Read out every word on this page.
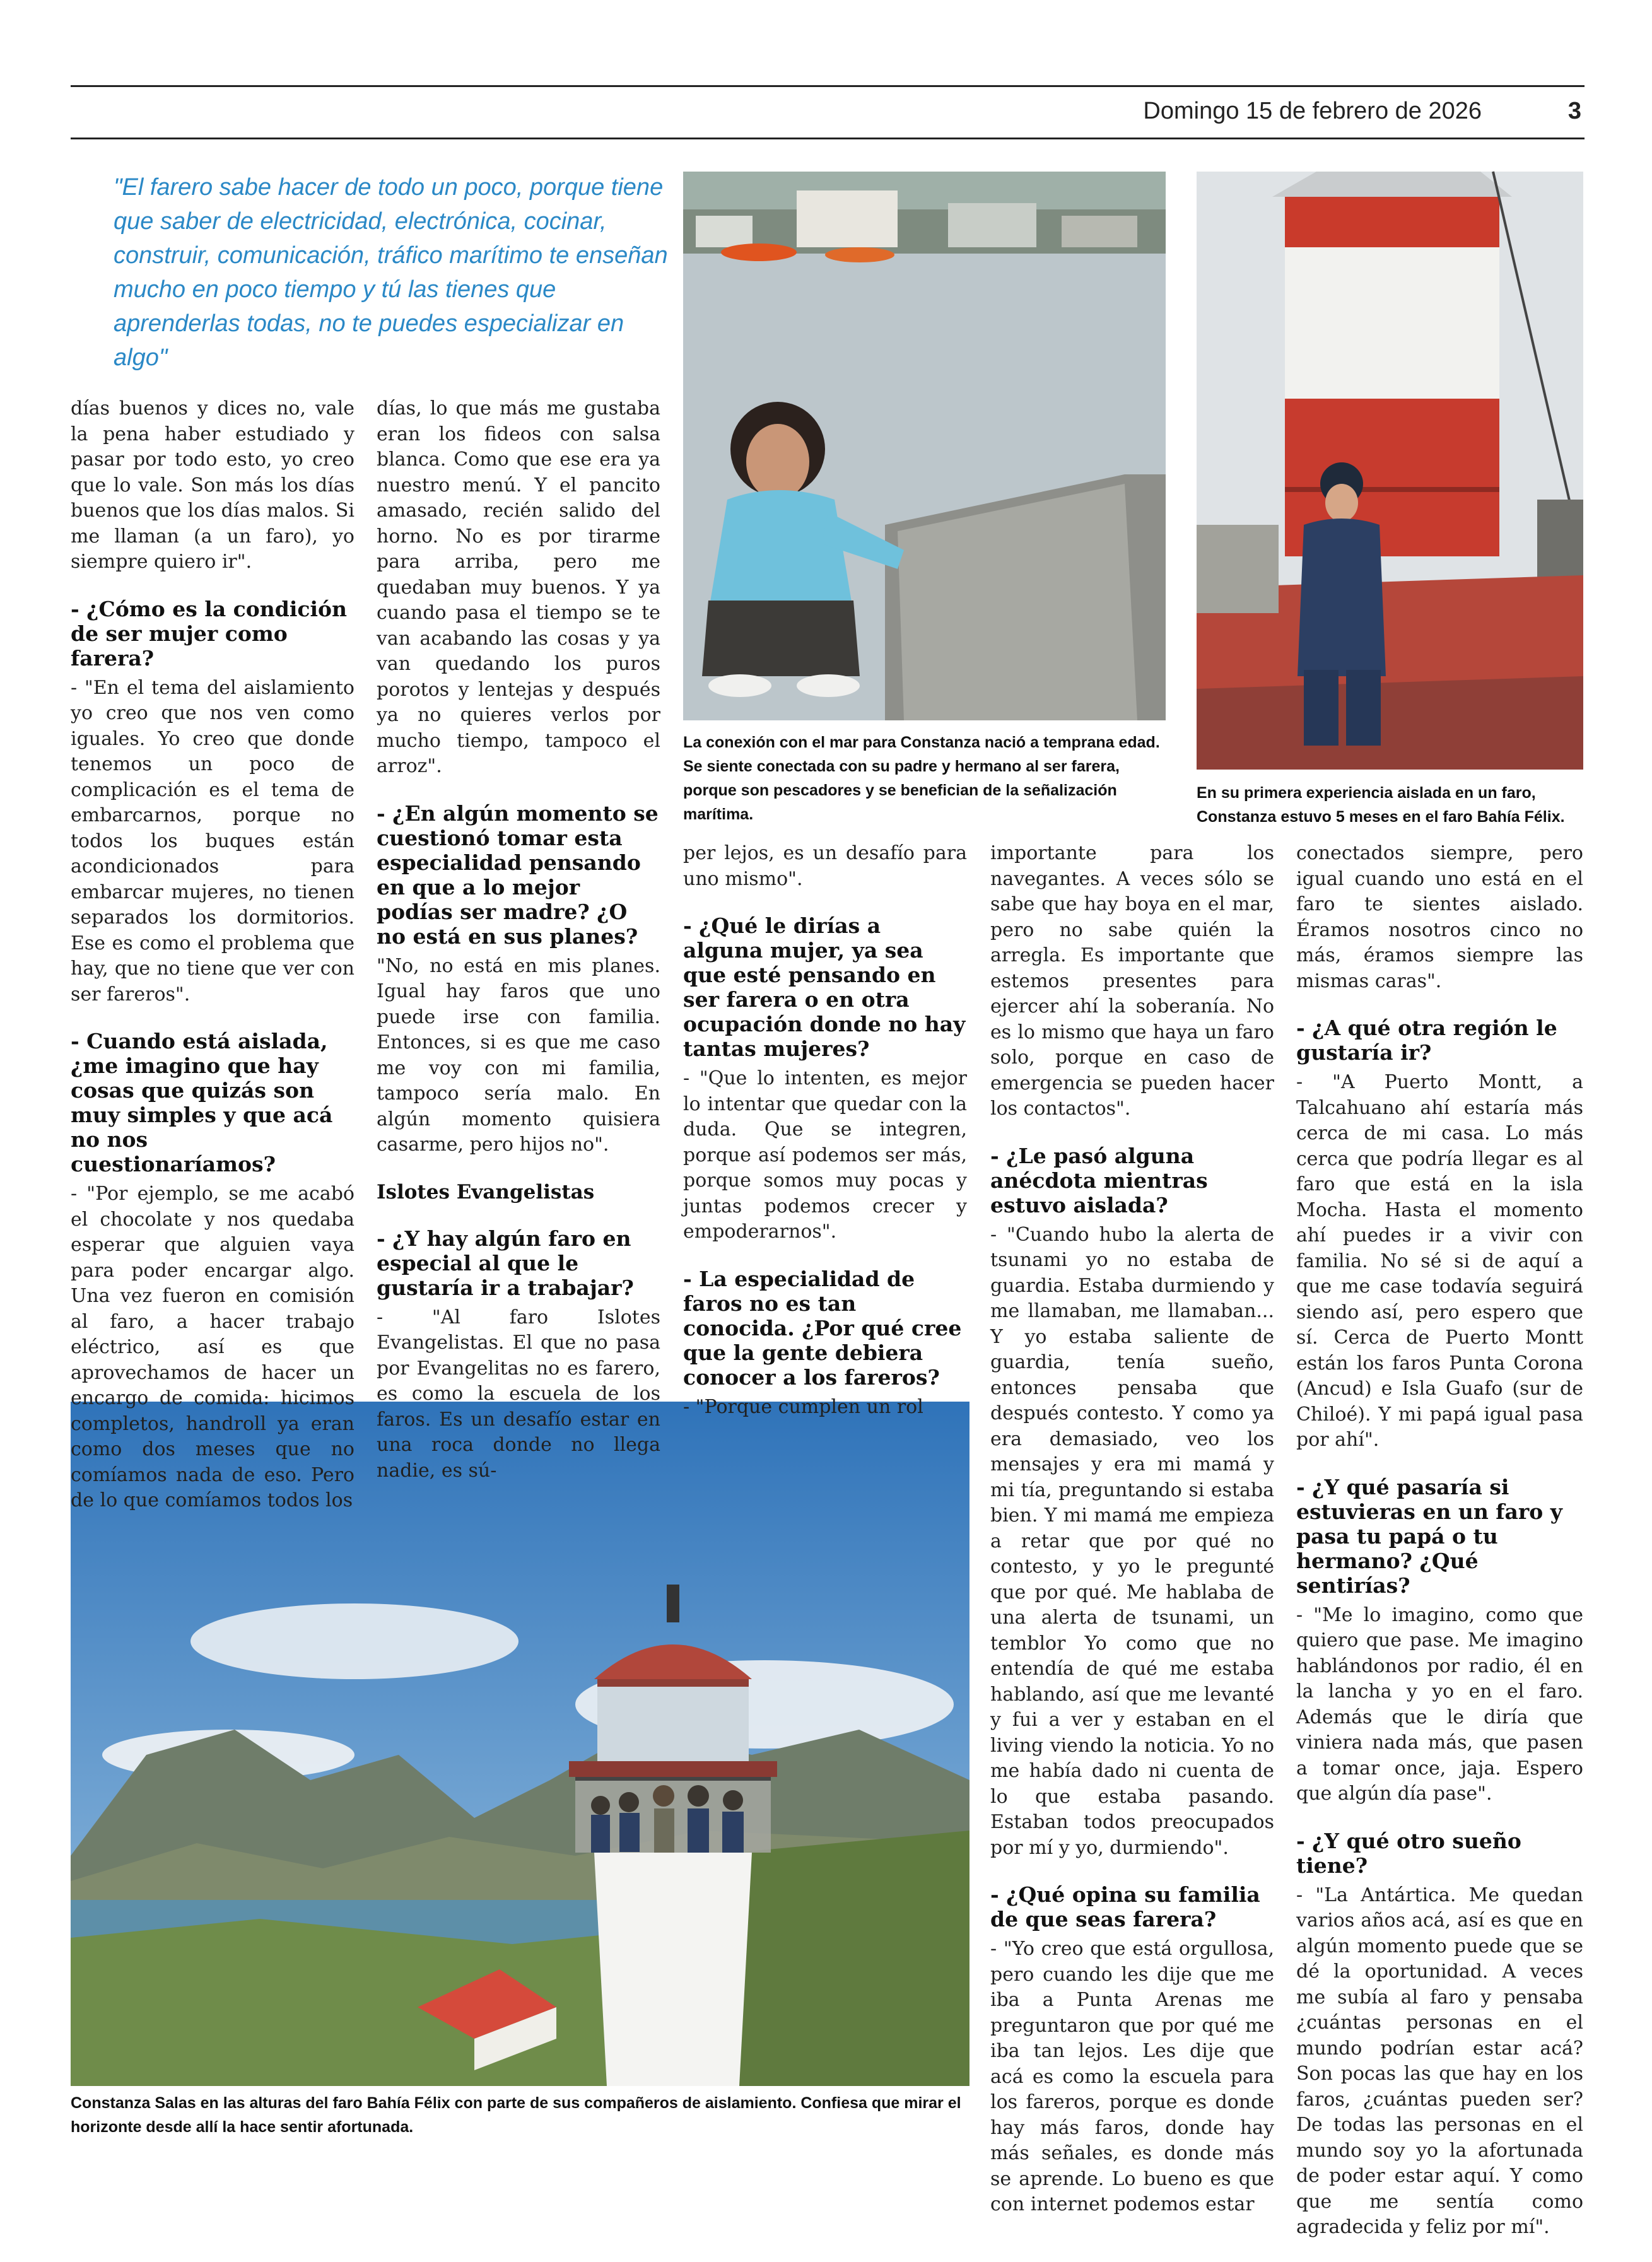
Domingo 15 de febrero de 2026	3
"El farero sabe hacer de todo un poco, porque tiene que saber de electricidad, electrónica, cocinar, construir, comunicación, tráfico marítimo te enseñan mucho en poco tiempo y tú las tienes que aprenderlas todas, no te puedes especializar en algo"
La conexión con el mar para Constanza nació a temprana edad. Se siente conectada con su padre y hermano al ser farera, porque son pescadores y se benefician de la señalización marítima.
En su primera experiencia aislada en un faro, Constanza estuvo 5 meses en el faro Bahía Félix.
Constanza Salas en las alturas del faro Bahía Félix con parte de sus compañeros de aislamiento. Confiesa que mirar el horizonte desde allí la hace sentir afortunada.

días buenos y dices no, vale la pena haber estudiado y pasar por todo esto, yo creo que lo vale. Son más los días buenos que los días malos. Si me llaman (a un faro), yo siempre quiero ir".

- ¿Cómo es la condición de ser mujer como farera?

- "En el tema del aislamiento yo creo que nos ven como iguales. Yo creo que donde tenemos un poco de complicación es el tema de embarcarnos, porque no todos los buques están acondicionados para embarcar mujeres, no tienen separados los dormitorios. Ese es como el problema que hay, que no tiene que ver con ser fareros".

- Cuando está aislada, ¿me imagino que hay cosas que quizás son muy simples y que acá no nos cuestionaríamos?

- "Por ejemplo, se me acabó el chocolate y nos quedaba esperar que alguien vaya para poder encargar algo. Una vez fueron en comisión al faro, a hacer trabajo eléctrico, así es que aprovechamos de hacer un encargo de comida: hicimos completos, handroll ya eran como dos meses que no comíamos nada de eso. Pero de lo que comíamos todos los

días, lo que más me gustaba eran los fideos con salsa blanca. Como que ese era ya nuestro menú. Y el pancito amasado, recién salido del horno. No es por tirarme para arriba, pero me quedaban muy buenos. Y ya cuando pasa el tiempo se te van acabando las cosas y ya van quedando los puros porotos y lentejas y después ya no quieres verlos por mucho tiempo, tampoco el arroz".

- ¿En algún momento se cuestionó tomar esta especialidad pensando en que a lo mejor podías ser madre? ¿O no está en sus planes?

"No, no está en mis planes. Igual hay faros que uno puede irse con familia. Entonces, si es que me caso me voy con mi familia, tampoco sería malo. En algún momento quisiera casarme, pero hijos no".

Islotes Evangelistas
- ¿Y hay algún faro en especial al que le gustaría ir a trabajar?

- "Al faro Islotes Evangelistas. El que no pasa por Evangelitas no es farero, es como la escuela de los faros. Es un desafío estar en una roca donde no llega nadie, es sú-

per lejos, es un desafío para uno mismo".

- ¿Qué le dirías a alguna mujer, ya sea que esté pensando en ser farera o en otra ocupación donde no hay tantas mujeres?

- "Que lo intenten, es mejor lo intentar que quedar con la duda. Que se integren, porque así podemos ser más, porque somos muy pocas y juntas podemos crecer y empoderarnos".

- La especialidad de faros no es tan conocida. ¿Por qué cree que la gente debiera conocer a los fareros?

- "Porque cumplen un rol

importante para los navegantes. A veces sólo se sabe que hay boya en el mar, pero no sabe quién la arregla. Es importante que estemos presentes para ejercer ahí la soberanía. No es lo mismo que haya un faro solo, porque en caso de emergencia se pueden hacer los contactos".

- ¿Le pasó alguna anécdota mientras estuvo aislada?

- "Cuando hubo la alerta de tsunami yo no estaba de guardia. Estaba durmiendo y me llamaban, me llamaban... Y yo estaba saliente de guardia, tenía sueño, entonces pensaba que después contesto. Y como ya era demasiado, veo los mensajes y era mi mamá y mi tía, preguntando si estaba bien. Y mi mamá me empieza a retar que por qué no contesto, y yo le pregunté que por qué. Me hablaba de una alerta de tsunami, un temblor Yo como que no entendía de qué me estaba hablando, así que me levanté y fui a ver y estaban en el living viendo la noticia. Yo no me había dado ni cuenta de lo que estaba pasando. Estaban todos preocupados por mí y yo, durmiendo".

- ¿Qué opina su familia de que seas farera?

- "Yo creo que está orgullosa, pero cuando les dije que me iba a Punta Arenas me preguntaron que por qué me iba tan lejos. Les dije que acá es como la escuela para los fareros, porque es donde hay más faros, donde hay más señales, es donde más se aprende. Lo bueno es que con internet podemos estar

conectados siempre, pero igual cuando uno está en el faro te sientes aislado. Éramos nosotros cinco no más, éramos siempre las mismas caras".

- ¿A qué otra región le gustaría ir?

- "A Puerto Montt, a Talcahuano ahí estaría más cerca de mi casa. Lo más cerca que podría llegar es al faro que está en la isla Mocha. Hasta el momento ahí puedes ir a vivir con familia. No sé si de aquí a que me case todavía seguirá siendo así, pero espero que sí. Cerca de Puerto Montt están los faros Punta Corona (Ancud) e Isla Guafo (sur de Chiloé). Y mi papá igual pasa por ahí".

- ¿Y qué pasaría si estuvieras en un faro y pasa tu papá o tu hermano? ¿Qué sentirías?

- "Me lo imagino, como que quiero que pase. Me imagino hablándonos por radio, él en la lancha y yo en el faro. Además que le diría que viniera nada más, que pasen a tomar once, jaja. Espero que algún día pase".

- ¿Y qué otro sueño tiene?

- "La Antártica. Me quedan varios años acá, así es que en algún momento puede que se dé la oportunidad. A veces me subía al faro y pensaba ¿cuántas personas en el mundo podrían estar acá? Son pocas las que hay en los faros, ¿cuántas pueden ser? De todas las personas en el mundo soy yo la afortunada de poder estar aquí. Y como que me sentía como agradecida y feliz por mí".
